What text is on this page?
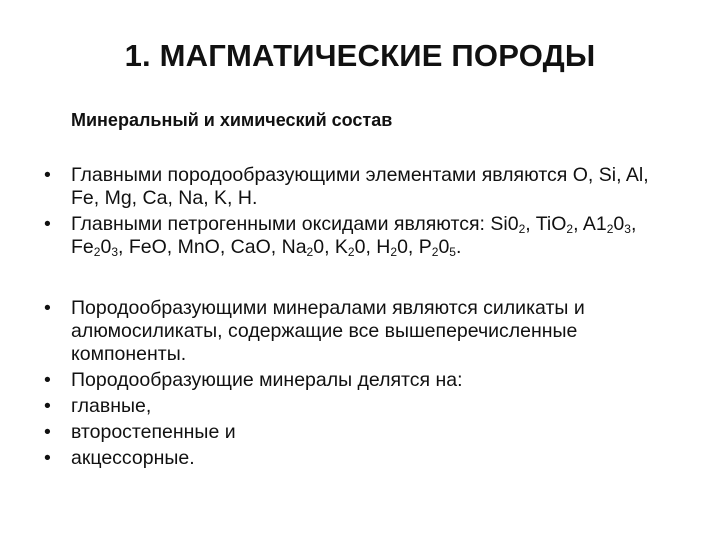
1. МАГМАТИЧЕСКИЕ ПОРОДЫ

Минеральный и химический состав

• Главными породообразующими элементами являются O, Si, Al, Fe, Mg, Ca, Na, K, H.
• Главными петрогенными оксидами являются: $Si0_2$, TiO$_2$, $A1_20_3$, $Fe_20_3$, FeO, MnO, CaO, $Na_20$, $K_20$, $H_20$, $P_20_5$.
• Породообразующими минералами являются силикаты и алюмосиликаты, содержащие все вышеперечисленные компоненты.
• Породообразующие минералы делятся на:
• главные,
• второстепенные и
• акцессорные.
